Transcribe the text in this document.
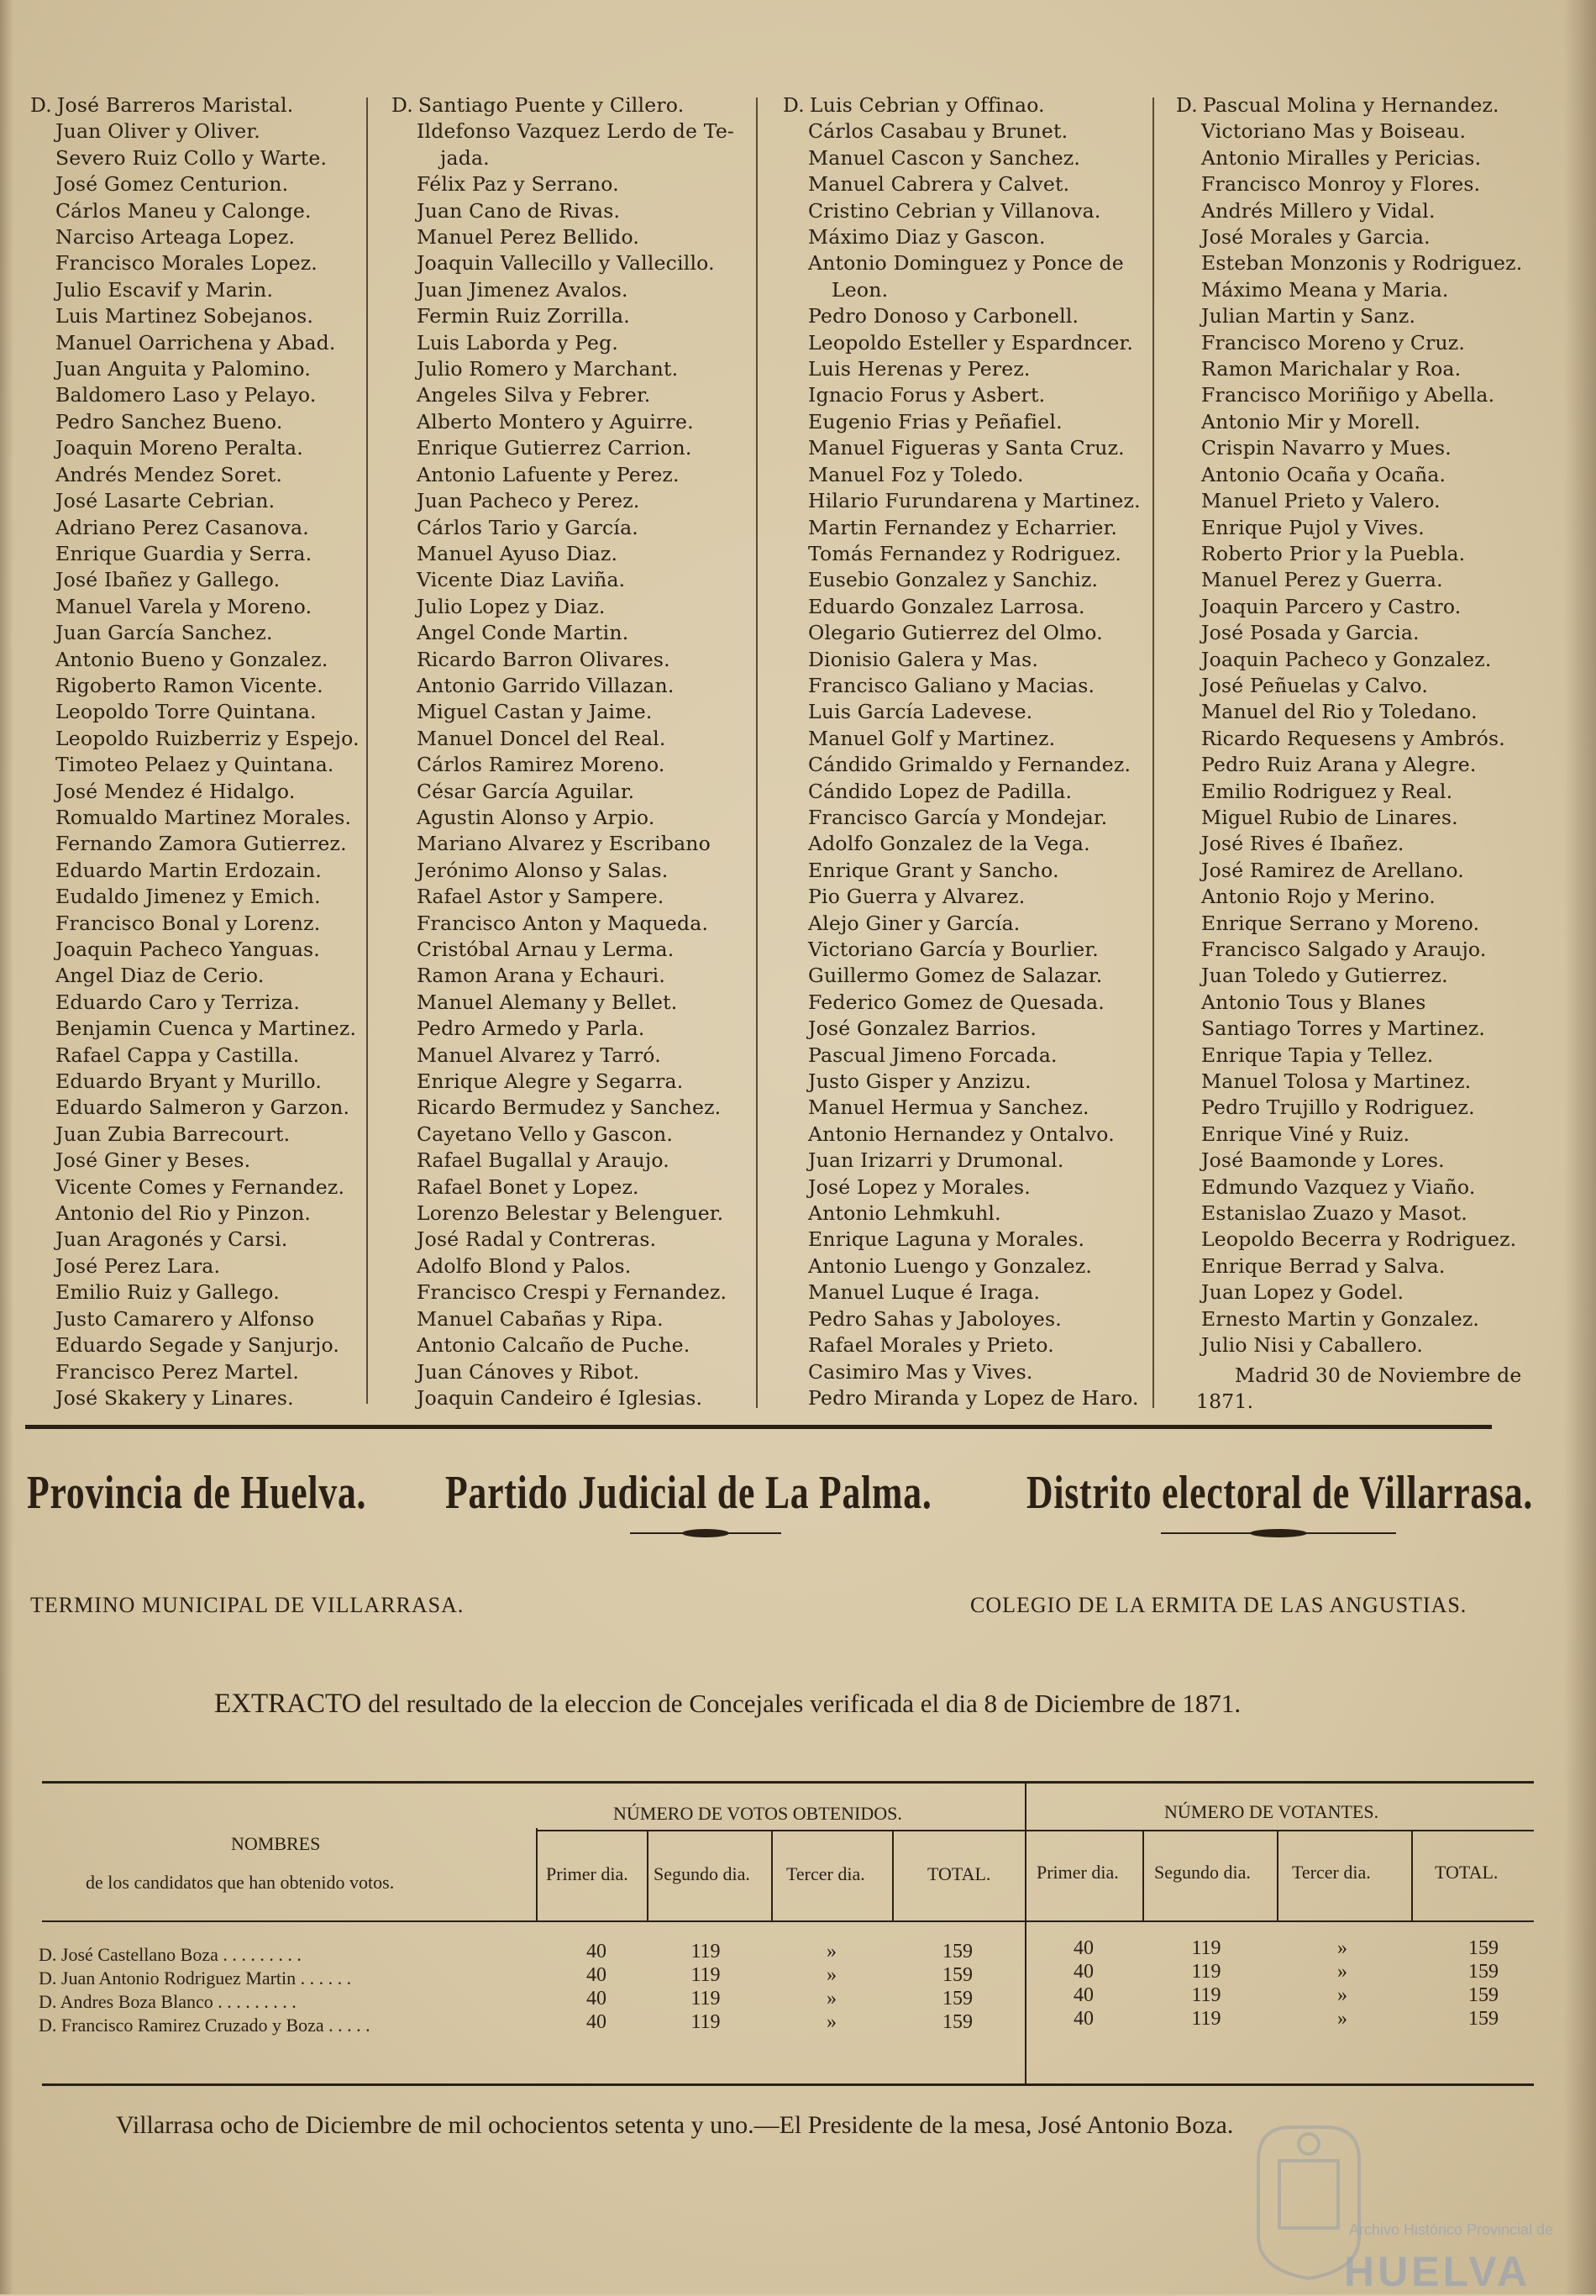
D. José Barreros Maristal.
Juan Oliver y Oliver.
Severo Ruiz Collo y Warte.
José Gomez Centurion.
Cárlos Maneu y Calonge.
Narciso Arteaga Lopez.
Francisco Morales Lopez.
Julio Escavif y Marin.
Luis Martinez Sobejanos.
Manuel Oarrichena y Abad.
Juan Anguita y Palomino.
Baldomero Laso y Pelayo.
Pedro Sanchez Bueno.
Joaquin Moreno Peralta.
Andrés Mendez Soret.
José Lasarte Cebrian.
Adriano Perez Casanova.
Enrique Guardia y Serra.
José Ibañez y Gallego.
Manuel Varela y Moreno.
Juan García Sanchez.
Antonio Bueno y Gonzalez.
Rigoberto Ramon Vicente.
Leopoldo Torre Quintana.
Leopoldo Ruizberriz y Espejo.
Timoteo Pelaez y Quintana.
José Mendez é Hidalgo.
Romualdo Martinez Morales.
Fernando Zamora Gutierrez.
Eduardo Martin Erdozain.
Eudaldo Jimenez y Emich.
Francisco Bonal y Lorenz.
Joaquin Pacheco Yanguas.
Angel Diaz de Cerio.
Eduardo Caro y Terriza.
Benjamin Cuenca y Martinez.
Rafael Cappa y Castilla.
Eduardo Bryant y Murillo.
Eduardo Salmeron y Garzon.
Juan Zubia Barrecourt.
José Giner y Beses.
Vicente Comes y Fernandez.
Antonio del Rio y Pinzon.
Juan Aragonés y Carsi.
José Perez Lara.
Emilio Ruiz y Gallego.
Justo Camarero y Alfonso
Eduardo Segade y Sanjurjo.
Francisco Perez Martel.
José Skakery y Linares.
D. Santiago Puente y Cillero.
Ildefonso Vazquez Lerdo de Te-
jada.
Félix Paz y Serrano.
Juan Cano de Rivas.
Manuel Perez Bellido.
Joaquin Vallecillo y Vallecillo.
Juan Jimenez Avalos.
Fermin Ruiz Zorrilla.
Luis Laborda y Peg.
Julio Romero y Marchant.
Angeles Silva y Febrer.
Alberto Montero y Aguirre.
Enrique Gutierrez Carrion.
Antonio Lafuente y Perez.
Juan Pacheco y Perez.
Cárlos Tario y García.
Manuel Ayuso Diaz.
Vicente Diaz Laviña.
Julio Lopez y Diaz.
Angel Conde Martin.
Ricardo Barron Olivares.
Antonio Garrido Villazan.
Miguel Castan y Jaime.
Manuel Doncel del Real.
Cárlos Ramirez Moreno.
César García Aguilar.
Agustin Alonso y Arpio.
Mariano Alvarez y Escribano
Jerónimo Alonso y Salas.
Rafael Astor y Sampere.
Francisco Anton y Maqueda.
Cristóbal Arnau y Lerma.
Ramon Arana y Echauri.
Manuel Alemany y Bellet.
Pedro Armedo y Parla.
Manuel Alvarez y Tarró.
Enrique Alegre y Segarra.
Ricardo Bermudez y Sanchez.
Cayetano Vello y Gascon.
Rafael Bugallal y Araujo.
Rafael Bonet y Lopez.
Lorenzo Belestar y Belenguer.
José Radal y Contreras.
Adolfo Blond y Palos.
Francisco Crespi y Fernandez.
Manuel Cabañas y Ripa.
Antonio Calcaño de Puche.
Juan Cánoves y Ribot.
Joaquin Candeiro é Iglesias.
D. Luis Cebrian y Offinao.
Cárlos Casabau y Brunet.
Manuel Cascon y Sanchez.
Manuel Cabrera y Calvet.
Cristino Cebrian y Villanova.
Máximo Diaz y Gascon.
Antonio Dominguez y Ponce de
Leon.
Pedro Donoso y Carbonell.
Leopoldo Esteller y Espardncer.
Luis Herenas y Perez.
Ignacio Forus y Asbert.
Eugenio Frias y Peñafiel.
Manuel Figueras y Santa Cruz.
Manuel Foz y Toledo.
Hilario Furundarena y Martinez.
Martin Fernandez y Echarrier.
Tomás Fernandez y Rodriguez.
Eusebio Gonzalez y Sanchiz.
Eduardo Gonzalez Larrosa.
Olegario Gutierrez del Olmo.
Dionisio Galera y Mas.
Francisco Galiano y Macias.
Luis García Ladevese.
Manuel Golf y Martinez.
Cándido Grimaldo y Fernandez.
Cándido Lopez de Padilla.
Francisco García y Mondejar.
Adolfo Gonzalez de la Vega.
Enrique Grant y Sancho.
Pio Guerra y Alvarez.
Alejo Giner y García.
Victoriano García y Bourlier.
Guillermo Gomez de Salazar.
Federico Gomez de Quesada.
José Gonzalez Barrios.
Pascual Jimeno Forcada.
Justo Gisper y Anzizu.
Manuel Hermua y Sanchez.
Antonio Hernandez y Ontalvo.
Juan Irizarri y Drumonal.
José Lopez y Morales.
Antonio Lehmkuhl.
Enrique Laguna y Morales.
Antonio Luengo y Gonzalez.
Manuel Luque é Iraga.
Pedro Sahas y Jaboloyes.
Rafael Morales y Prieto.
Casimiro Mas y Vives.
Pedro Miranda y Lopez de Haro.
D. Pascual Molina y Hernandez.
Victoriano Mas y Boiseau.
Antonio Miralles y Pericias.
Francisco Monroy y Flores.
Andrés Millero y Vidal.
José Morales y Garcia.
Esteban Monzonis y Rodriguez.
Máximo Meana y Maria.
Julian Martin y Sanz.
Francisco Moreno y Cruz.
Ramon Marichalar y Roa.
Francisco Moriñigo y Abella.
Antonio Mir y Morell.
Crispin Navarro y Mues.
Antonio Ocaña y Ocaña.
Manuel Prieto y Valero.
Enrique Pujol y Vives.
Roberto Prior y la Puebla.
Manuel Perez y Guerra.
Joaquin Parcero y Castro.
José Posada y Garcia.
Joaquin Pacheco y Gonzalez.
José Peñuelas y Calvo.
Manuel del Rio y Toledano.
Ricardo Requesens y Ambrós.
Pedro Ruiz Arana y Alegre.
Emilio Rodriguez y Real.
Miguel Rubio de Linares.
José Rives é Ibañez.
José Ramirez de Arellano.
Antonio Rojo y Merino.
Enrique Serrano y Moreno.
Francisco Salgado y Araujo.
Juan Toledo y Gutierrez.
Antonio Tous y Blanes
Santiago Torres y Martinez.
Enrique Tapia y Tellez.
Manuel Tolosa y Martinez.
Pedro Trujillo y Rodriguez.
Enrique Viné y Ruiz.
José Baamonde y Lores.
Edmundo Vazquez y Viaño.
Estanislao Zuazo y Masot.
Leopoldo Becerra y Rodriguez.
Enrique Berrad y Salva.
Juan Lopez y Godel.
Ernesto Martin y Gonzalez.
Julio Nisi y Caballero.
Madrid 30 de Noviembre de
1871.
Provincia de Huelva. Partido Judicial de La Palma. Distrito electoral de Villarrasa.
TERMINO MUNICIPAL DE VILLARRASA.	COLEGIO DE LA ERMITA DE LAS ANGUSTIAS.
EXTRACTO del resultado de la eleccion de Concejales verificada el dia 8 de Diciembre de 1871.
NOMBRES
de los candidatos que han obtenido votos.
NÚMERO DE VOTOS OBTENIDOS.	NÚMERO DE VOTANTES.
Primer dia. Segundo dia. Tercer dia.	TOTAL. Primer dia. Segundo dia. Tercer dia.	TOTAL.
D. José Castellano Boza . . . . . . . . .	40	119	»	159	40	119	»	159
D. Juan Antonio Rodriguez Martin . . . . . .	40	119	»	159	40	119	»	159
D. Andres Boza Blanco . . . . . . . . .	40	119	»	159	40	119	»	159
D. Francisco Ramirez Cruzado y Boza . . . . .	40	119	»	159	40	119	»	159
Villarrasa ocho de Diciembre de mil ochocientos setenta y uno.—El Presidente de la mesa, José Antonio Boza.
Archivo Histórico Provincial de
HUELVA
